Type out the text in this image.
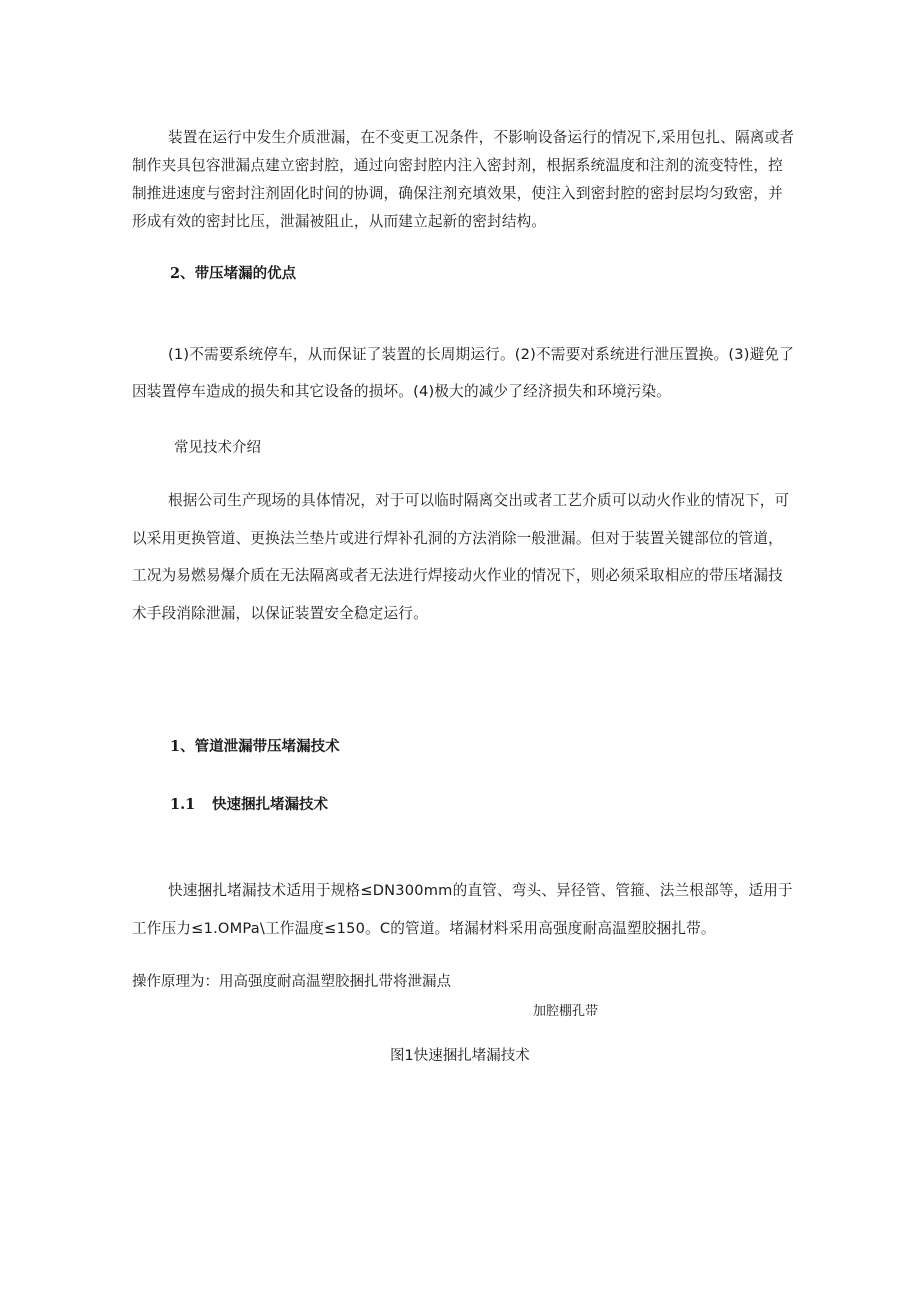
装置在运行中发生介质泄漏，在不变更工况条件，不影响设备运行的情况下,采用包扎、隔离或者制作夹具包容泄漏点建立密封腔，通过向密封腔内注入密封剂，根据系统温度和注剂的流变特性，控制推进速度与密封注剂固化时间的协调，确保注剂充填效果，使注入到密封腔的密封层均匀致密，并形成有效的密封比压，泄漏被阻止，从而建立起新的密封结构。

2、带压堵漏的优点

(1)不需要系统停车，从而保证了装置的长周期运行。(2)不需要对系统进行泄压置换。(3)避免了因装置停车造成的损失和其它设备的损坏。(4)极大的减少了经济损失和环境污染。

常见技术介绍

根据公司生产现场的具体情况，对于可以临时隔离交出或者工艺介质可以动火作业的情况下，可以采用更换管道、更换法兰垫片或进行焊补孔洞的方法消除一般泄漏。但对于装置关键部位的管道，工况为易燃易爆介质在无法隔离或者无法进行焊接动火作业的情况下，则必须采取相应的带压堵漏技术手段消除泄漏，以保证装置安全稳定运行。

1、管道泄漏带压堵漏技术
1.1 快速捆扎堵漏技术

快速捆扎堵漏技术适用于规格≤DN300mm的直管、弯头、异径管、管箍、法兰根部等，适用于工作压力≤1.OMPa\工作温度≤150。C的管道。堵漏材料采用高强度耐高温塑胶捆扎带。

操作原理为：用高强度耐高温塑胶捆扎带将泄漏点
加腔棚孔带
图1快速捆扎堵漏技术
